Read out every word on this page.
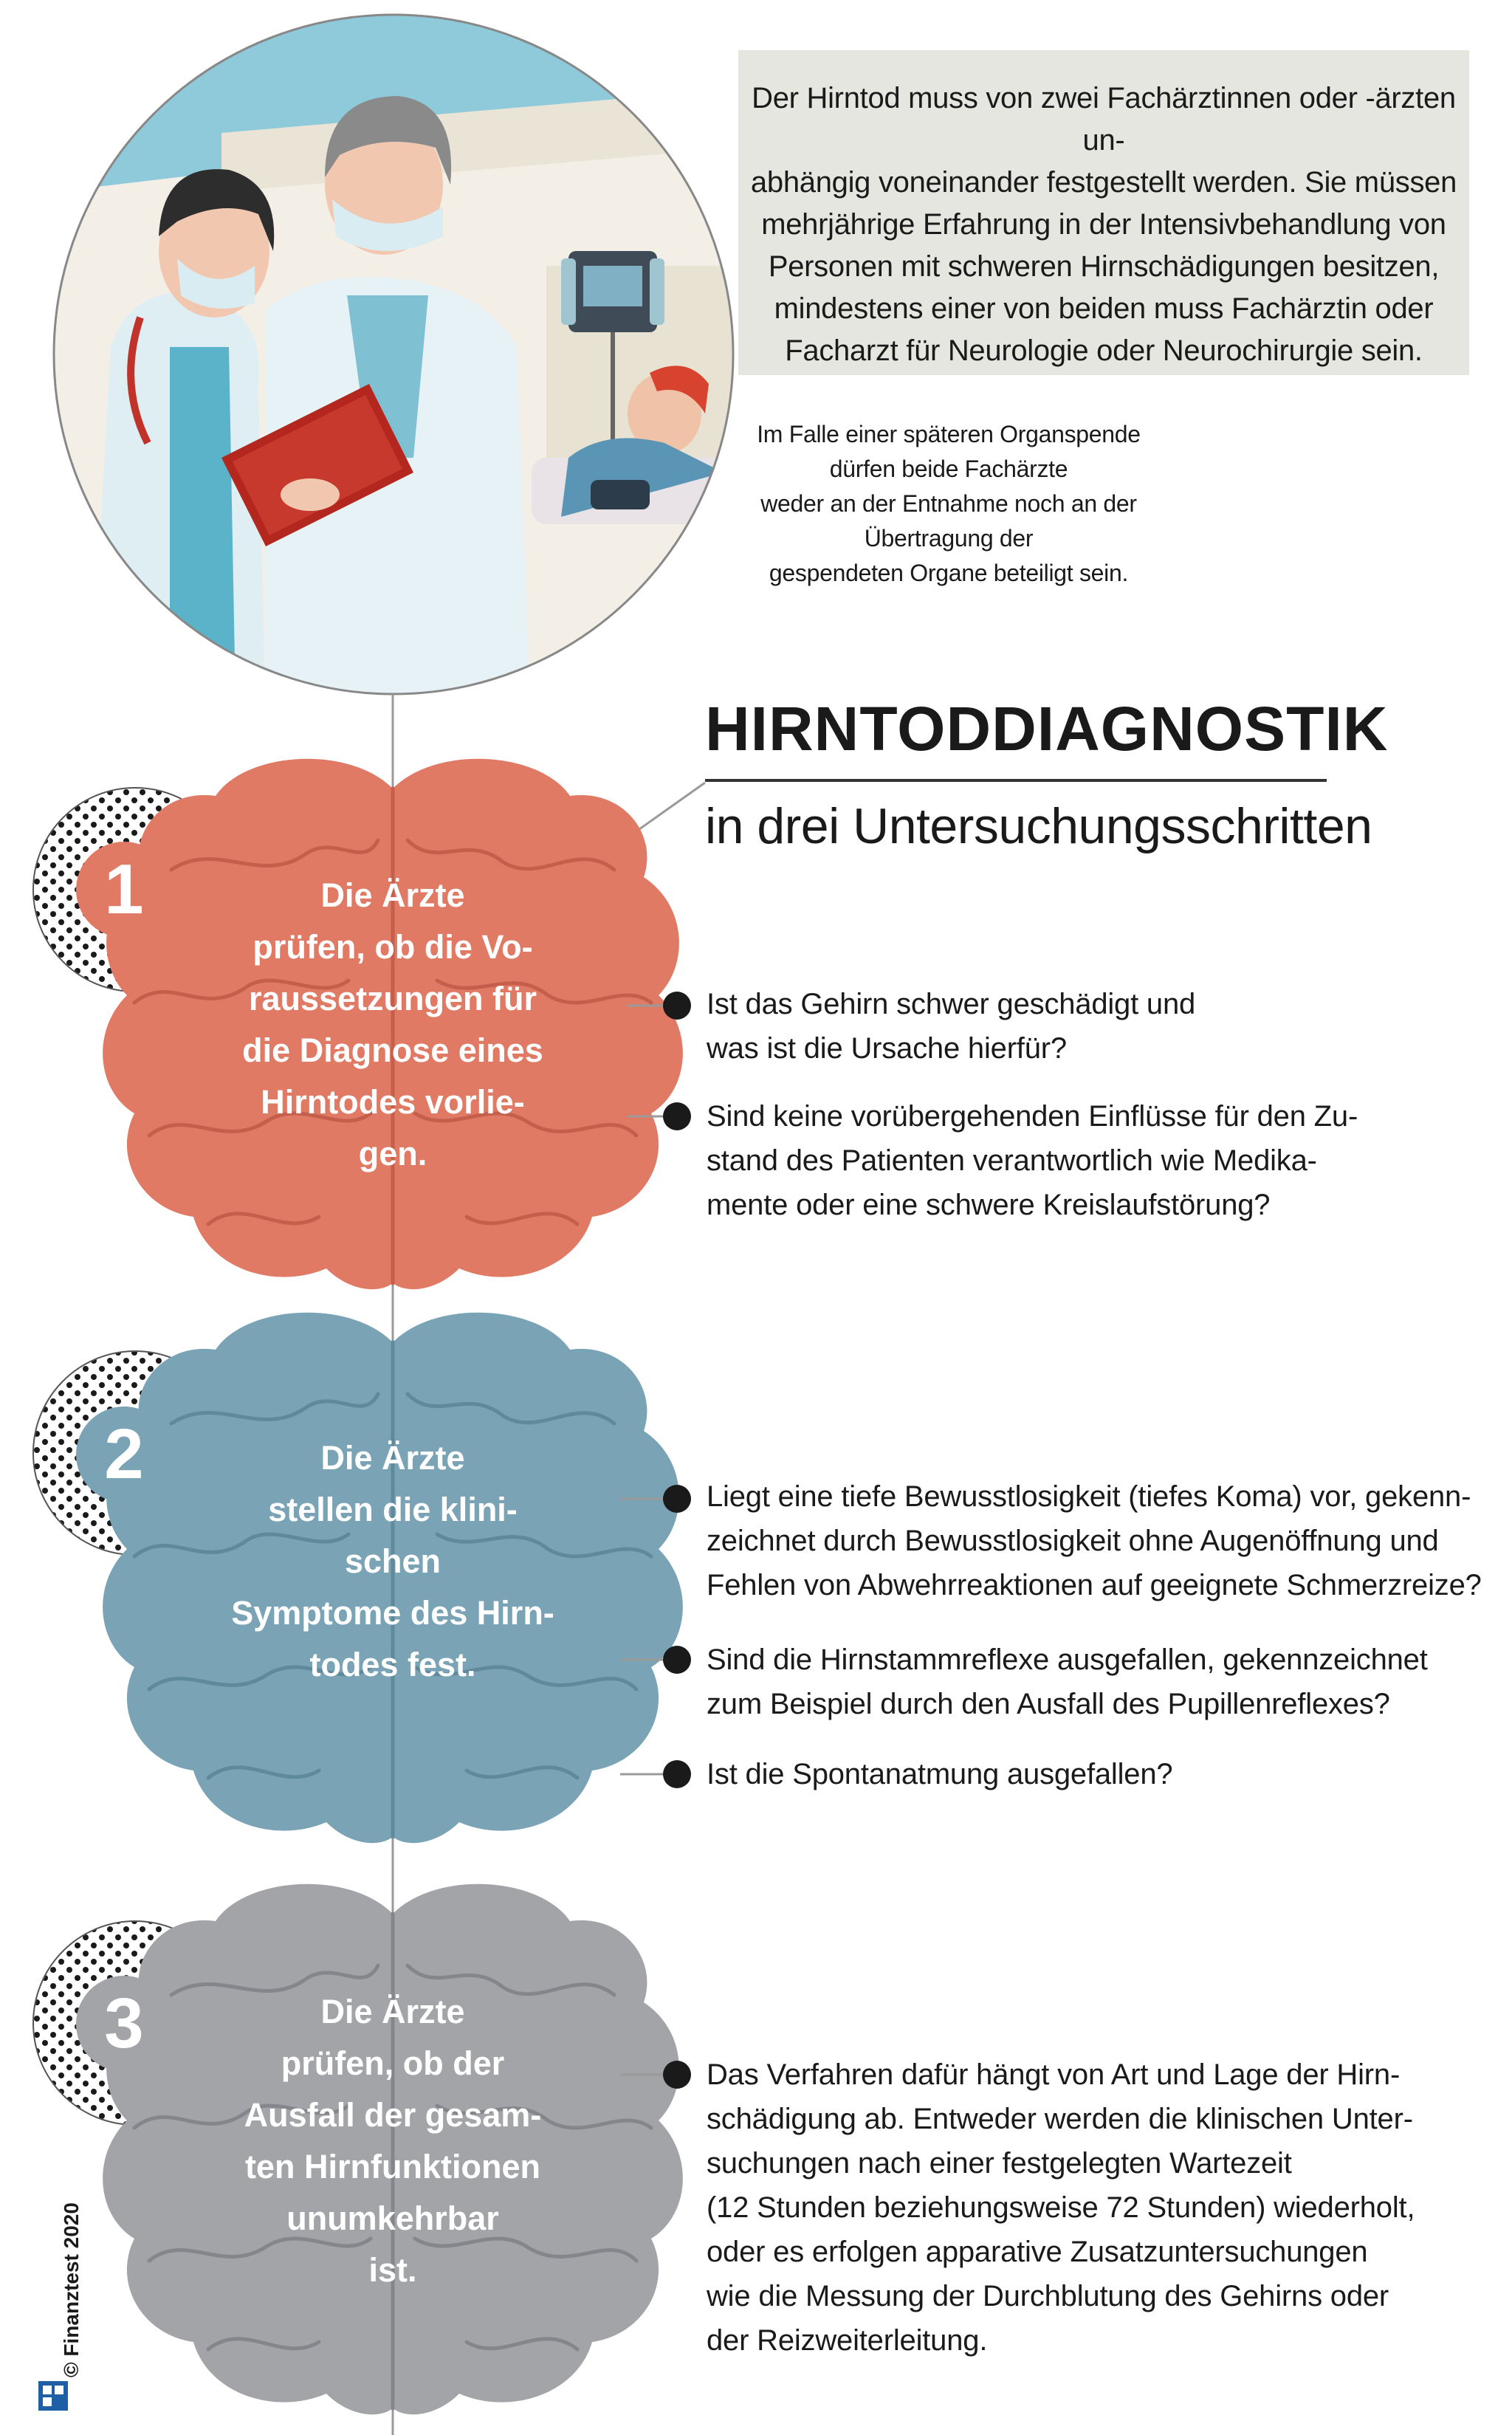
Der Hirntod muss von zwei Fachärztinnen oder -ärzten un-
abhängig voneinander festgestellt werden. Sie müssen
mehrjährige Erfahrung in der Intensivbehandlung von
Personen mit schweren Hirnschädigungen besitzen,
mindestens einer von beiden muss Fachärztin oder
Facharzt für Neurologie oder Neurochirurgie sein.
Im Falle einer späteren Organspende dürfen beide Fachärzte
weder an der Entnahme noch an der Übertragung der
gespendeten Organe beteiligt sein.
HIRNTODDIAGNOSTIK
in drei Untersuchungsschritten
1
2
3
Die Ärzte
prüfen, ob die Vo-
raussetzungen für
die Diagnose eines
Hirntodes vorlie-
gen.
Die Ärzte
stellen die klini-
schen
Symptome des Hirn-
todes fest.
Die Ärzte
prüfen, ob der
Ausfall der gesam-
ten Hirnfunktionen
unumkehrbar
ist.
Ist das Gehirn schwer geschädigt und
was ist die Ursache hierfür?
Sind keine vorübergehenden Einflüsse für den Zu-
stand des Patienten verantwortlich wie Medika-
mente oder eine schwere Kreislaufstörung?
Liegt eine tiefe Bewusstlosigkeit (tiefes Koma) vor, gekenn-
zeichnet durch Bewusstlosigkeit ohne Augenöffnung und
Fehlen von Abwehrreaktionen auf geeignete Schmerzreize?
Sind die Hirnstammreflexe ausgefallen, gekennzeichnet
zum Beispiel durch den Ausfall des Pupillenreflexes?
Ist die Spontanatmung ausgefallen?
Das Verfahren dafür hängt von Art und Lage der Hirn-
schädigung ab. Entweder werden die klinischen Unter-
suchungen nach einer festgelegten Wartezeit
(12 Stunden beziehungsweise 72 Stunden) wiederholt,
oder es erfolgen apparative Zusatzuntersuchungen
wie die Messung der Durchblutung des Gehirns oder
der Reizweiterleitung.
© Finanztest 2020
